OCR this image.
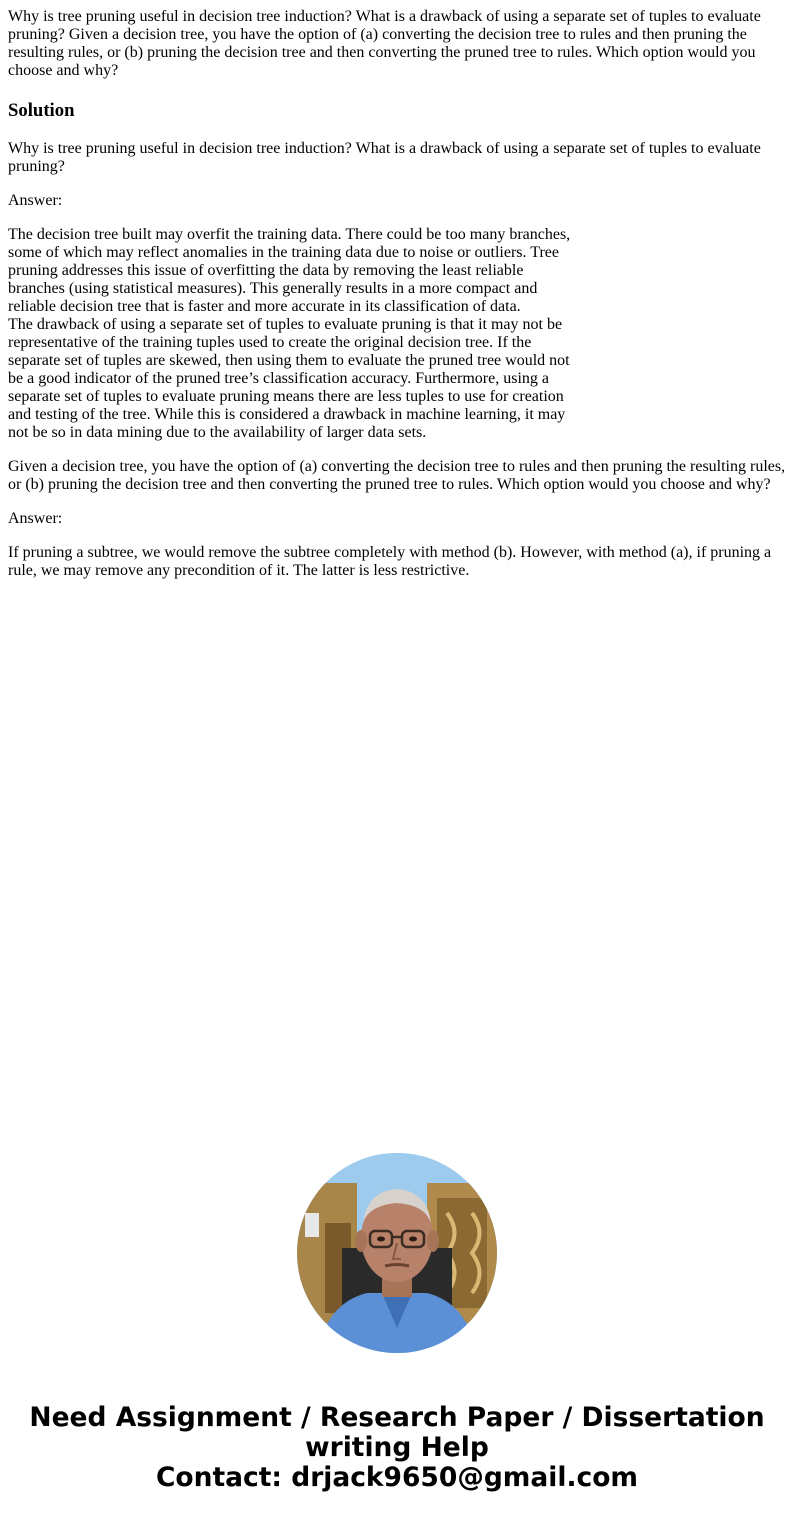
Why is tree pruning useful in decision tree induction? What is a drawback of using a separate set of tuples to evaluate pruning? Given a decision tree, you have the option of (a) converting the decision tree to rules and then pruning the resulting rules, or (b) pruning the decision tree and then converting the pruned tree to rules. Which option would you choose and why?

Solution

Why is tree pruning useful in decision tree induction? What is a drawback of using a separate set of tuples to evaluate pruning?

Answer:

The decision tree built may overfit the training data. There could be too many branches,
some of which may reflect anomalies in the training data due to noise or outliers. Tree
pruning addresses this issue of overfitting the data by removing the least reliable
branches (using statistical measures). This generally results in a more compact and
reliable decision tree that is faster and more accurate in its classification of data.
The drawback of using a separate set of tuples to evaluate pruning is that it may not be
representative of the training tuples used to create the original decision tree. If the
separate set of tuples are skewed, then using them to evaluate the pruned tree would not
be a good indicator of the pruned tree’s classification accuracy. Furthermore, using a
separate set of tuples to evaluate pruning means there are less tuples to use for creation
and testing of the tree. While this is considered a drawback in machine learning, it may
not be so in data mining due to the availability of larger data sets.

Given a decision tree, you have the option of (a) converting the decision tree to rules and then pruning the resulting rules, or (b) pruning the decision tree and then converting the pruned tree to rules. Which option would you choose and why?

Answer:

If pruning a subtree, we would remove the subtree completely with method (b). However, with method (a), if pruning a rule, we may remove any precondition of it. The latter is less restrictive.

Need Assignment / Research Paper / Dissertation
writing Help
Contact: drjack9650@gmail.com
